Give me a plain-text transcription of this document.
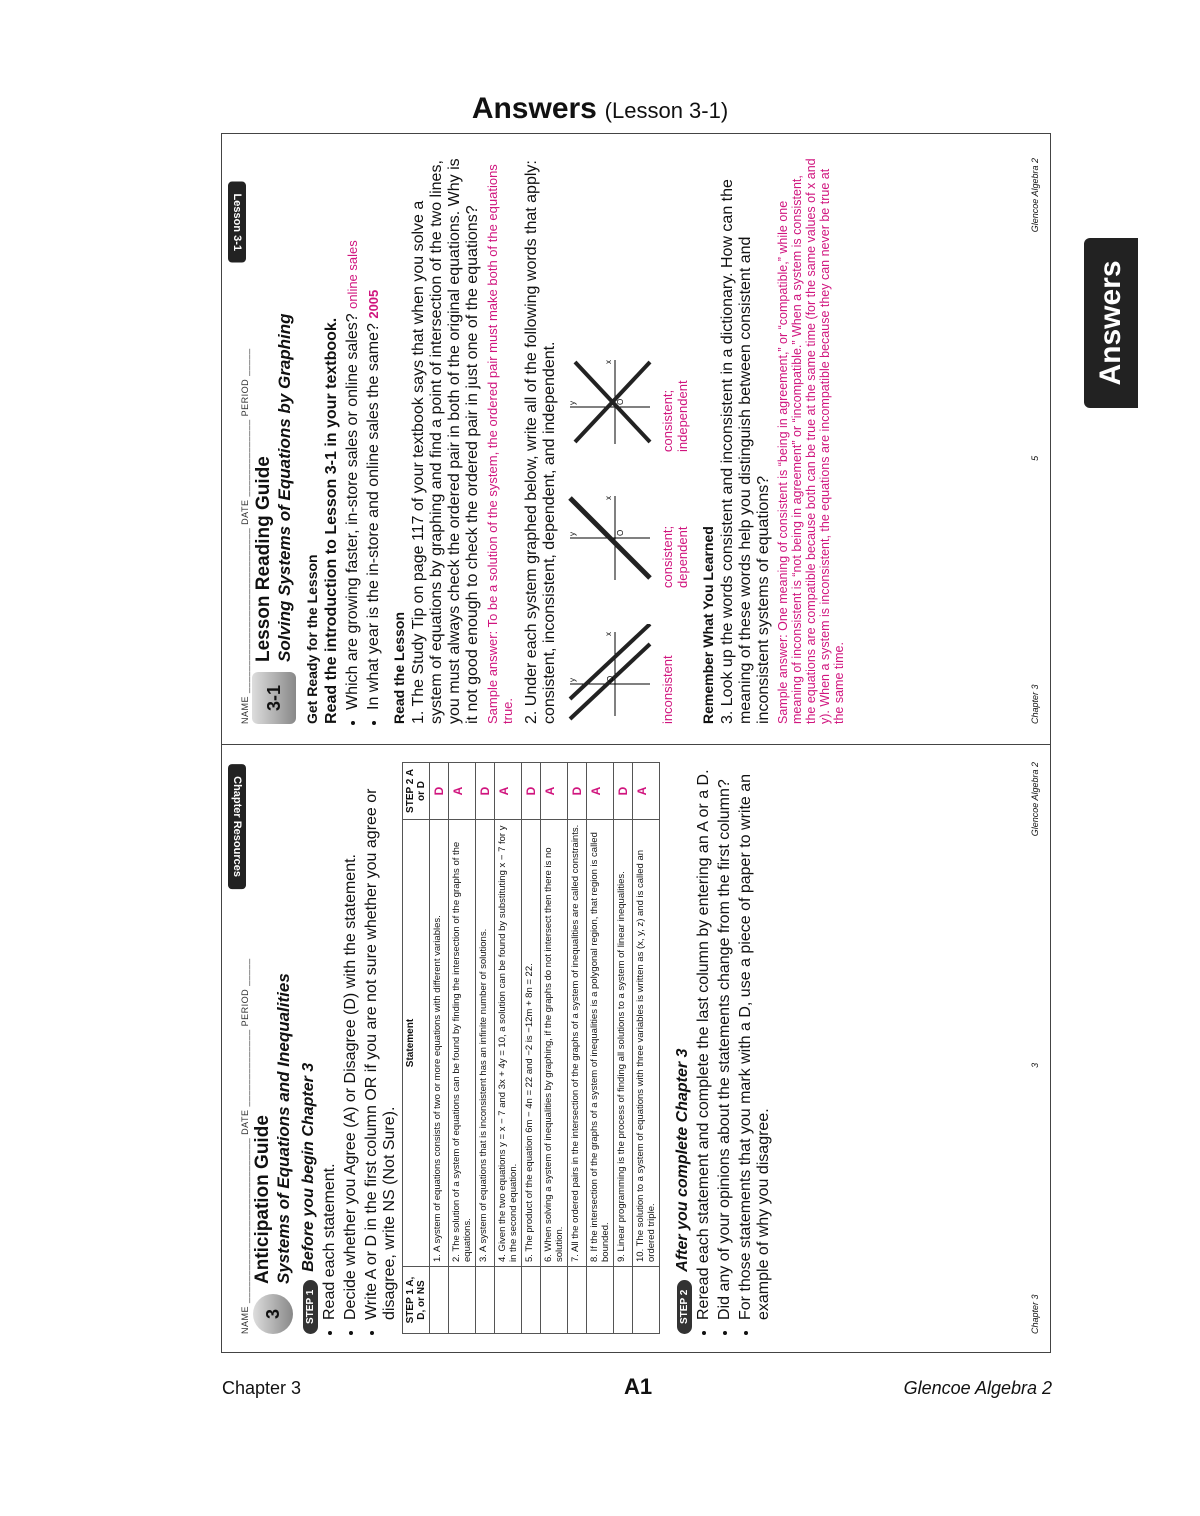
Answers (Lesson 3-1)
Answers
Lesson 3-1
NAME ______________________________ DATE ______________ PERIOD _____ 3-1
Lesson Reading Guide Solving Systems of Equations by Graphing Get Ready for the Lesson Read the introduction to Lesson 3-1 in your textbook. • Which are growing faster, in-store sales or online sales? online sales
• In what year is the in-store and online sales the same? 2005
Read the Lesson 1. The Study Tip on page 117 of your textbook says that when you solve a system of equations by graphing and find a point of intersection of the two lines, you must always check the ordered pair in both of the original equations. Why is it not good enough to check the ordered pair in just one of the equations? Sample answer: To be a solution of the system, the ordered pair must make both of the equations true. 2. Under each system graphed below, write all of the following words that apply: consistent, inconsistent, dependent, and independent.	O
x
y	inconsistent
O
x
y	consistent; dependent
O
x
y	consistent; independent
Remember What You Learned 3. Look up the words consistent and inconsistent in a dictionary. How can the meaning of these words help you distinguish between consistent and inconsistent systems of equations? Sample answer: One meaning of consistent is “being in agreement,” or “compatible,” while one meaning of inconsistent is “not being in agreement” or “incompatible.” When a system is consistent, the equations are compatible because both can be true at the same time (for the same values of x and y). When a system is inconsistent, the equations are incompatible because they can never be true at the same time.	Chapter 3
5
Glencoe Algebra 2
Chapter Resources
NAME ______________________________ DATE ______________ PERIOD _____ 3
Anticipation Guide Systems of Equations and Inequalities
STEP 1Before you begin Chapter 3 • Read each statement. • Decide whether you Agree (A) or Disagree (D) with the statement. • Write A or D in the first column OR if you are not sure whether you agree or disagree, write NS (Not Sure). STEP 1 A, D, or NS	Statement	STEP 2 A or D
	1. A system of equations consists of two or more equations with different variables.	D
	2. The solution of a system of equations can be found by finding the intersection of the graphs of the equations.	A
	3. A system of equations that is inconsistent has an infinite number of solutions.	D
	4. Given the two equations y = x − 7 and 3x + 4y = 10, a solution can be found by substituting x − 7 for y in the second equation.	A
	5. The product of the equation 6m − 4n = 22 and −2 is −12m + 8n = 22.	D
	6. When solving a system of inequalities by graphing, if the graphs do not intersect then there is no solution.	A
	7. All the ordered pairs in the intersection of the graphs of a system of inequalities are called constraints.	D
	8. If the intersection of the graphs of a system of inequalities is a polygonal region, that region is called bounded.	A
	9. Linear programming is the process of finding all solutions to a system of linear inequalities.	D
	10. The solution to a system of equations with three variables is written as (x, y, z) and is called an ordered triple.	A
STEP 2After you complete Chapter 3 • Reread each statement and complete the last column by entering an A or a D. • Did any of your opinions about the statements change from the first column? • For those statements that you mark with a D, use a piece of paper to write an example of why you disagree.	Chapter 3
3
Glencoe Algebra 2
Chapter 3	A1	Glencoe Algebra 2
